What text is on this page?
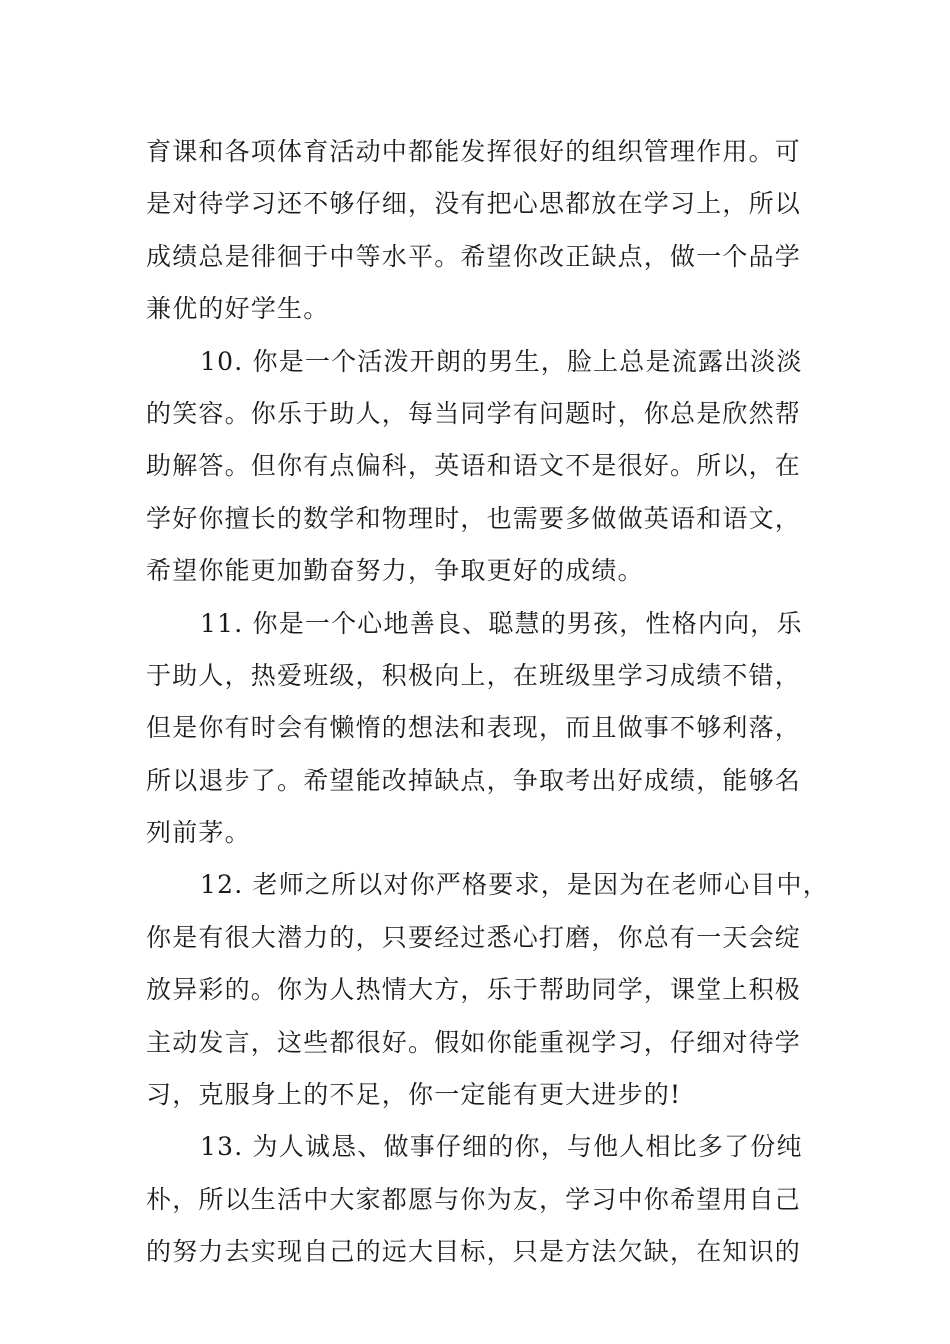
育课和各项体育活动中都能发挥很好的组织管理作用。可
是对待学习还不够仔细，没有把心思都放在学习上，所以
成绩总是徘徊于中等水平。希望你改正缺点，做一个品学
兼优的好学生。
10. 你是一个活泼开朗的男生，脸上总是流露出淡淡
的笑容。你乐于助人，每当同学有问题时，你总是欣然帮
助解答。但你有点偏科，英语和语文不是很好。所以，在
学好你擅长的数学和物理时，也需要多做做英语和语文，
希望你能更加勤奋努力，争取更好的成绩。
11. 你是一个心地善良、聪慧的男孩，性格内向，乐
于助人，热爱班级，积极向上，在班级里学习成绩不错，
但是你有时会有懒惰的想法和表现，而且做事不够利落，
所以退步了。希望能改掉缺点，争取考出好成绩，能够名
列前茅。
12. 老师之所以对你严格要求，是因为在老师心目中，
你是有很大潜力的，只要经过悉心打磨，你总有一天会绽
放异彩的。你为人热情大方，乐于帮助同学，课堂上积极
主动发言，这些都很好。假如你能重视学习，仔细对待学
习，克服身上的不足，你一定能有更大进步的!
13. 为人诚恳、做事仔细的你，与他人相比多了份纯
朴，所以生活中大家都愿与你为友，学习中你希望用自己
的努力去实现自己的远大目标，只是方法欠缺，在知识的
